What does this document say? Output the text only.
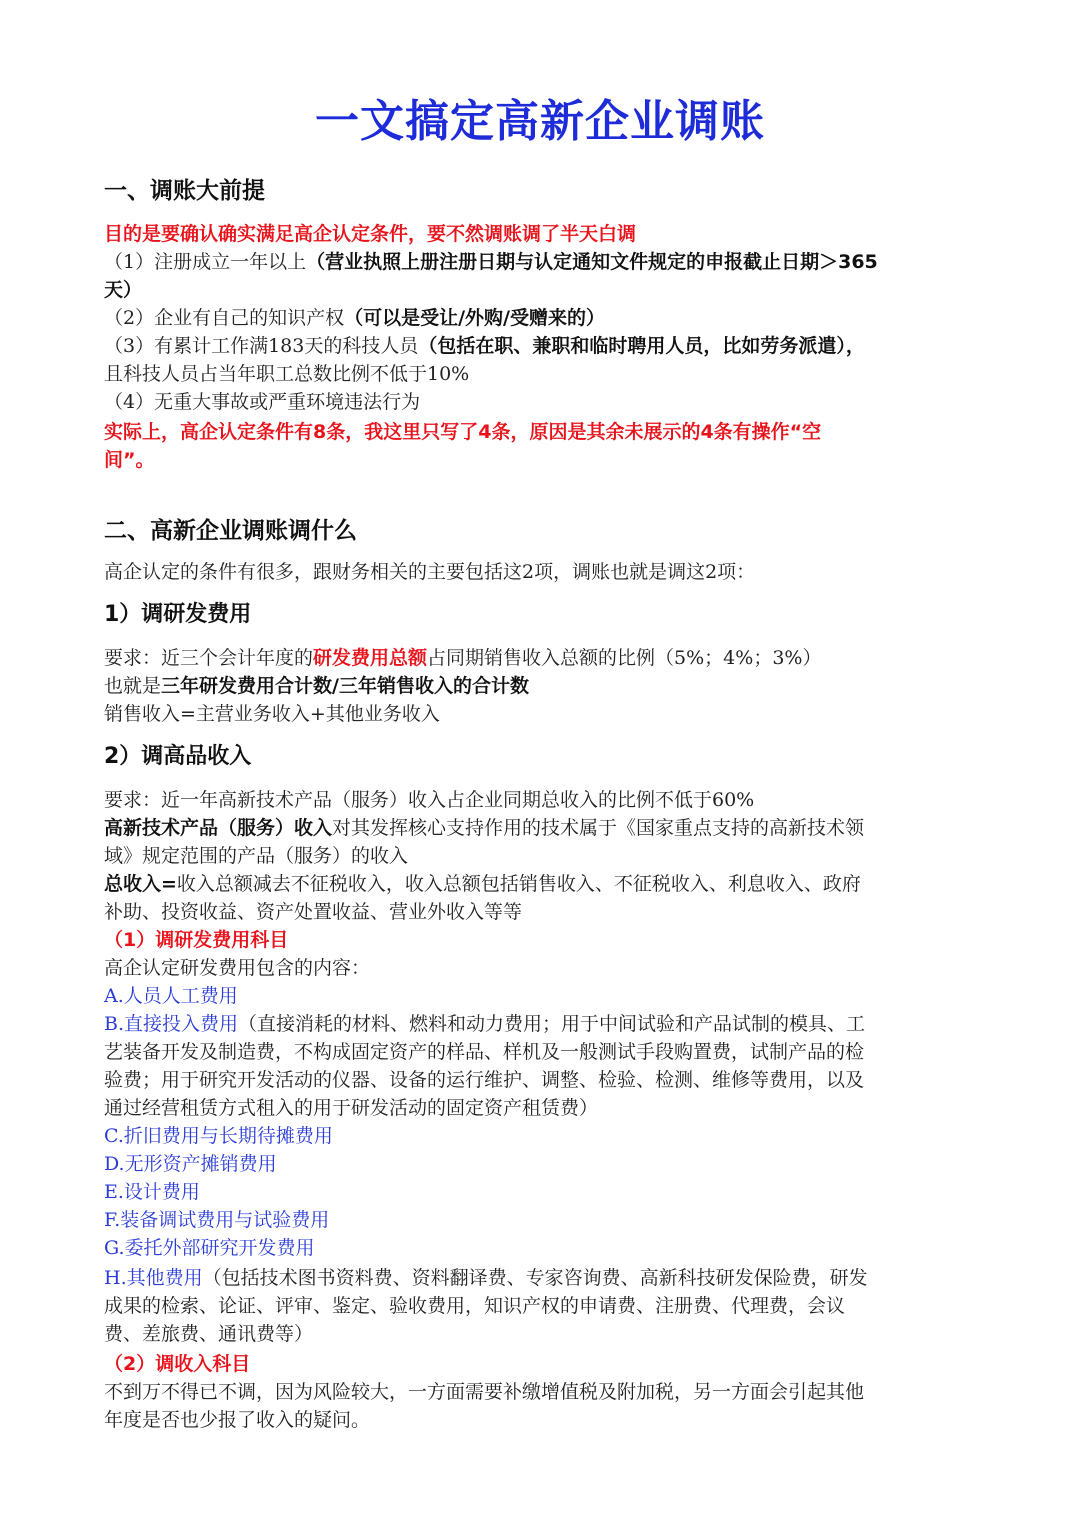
一文搞定高新企业调账
一、调账大前提
目的是要确认确实满足高企认定条件，要不然调账调了半天白调
（1）注册成立一年以上（营业执照上册注册日期与认定通知文件规定的申报截止日期＞365
天）
（2）企业有自己的知识产权（可以是受让/外购/受赠来的）
（3）有累计工作满183天的科技人员（包括在职、兼职和临时聘用人员，比如劳务派遣），
且科技人员占当年职工总数比例不低于10%
（4）无重大事故或严重环境违法行为
实际上，高企认定条件有8条，我这里只写了4条，原因是其余未展示的4条有操作“空
间”。
二、高新企业调账调什么
高企认定的条件有很多，跟财务相关的主要包括这2项，调账也就是调这2项：
1）调研发费用
要求：近三个会计年度的研发费用总额占同期销售收入总额的比例（5%；4%；3%）
也就是三年研发费用合计数/三年销售收入的合计数
销售收入=主营业务收入+其他业务收入
2）调高品收入
要求：近一年高新技术产品（服务）收入占企业同期总收入的比例不低于60%
高新技术产品（服务）收入对其发挥核心支持作用的技术属于《国家重点支持的高新技术领
域》规定范围的产品（服务）的收入
总收入=收入总额减去不征税收入，收入总额包括销售收入、不征税收入、利息收入、政府
补助、投资收益、资产处置收益、营业外收入等等
（1）调研发费用科目
高企认定研发费用包含的内容：
A.人员人工费用
B.直接投入费用（直接消耗的材料、燃料和动力费用；用于中间试验和产品试制的模具、工
艺装备开发及制造费，不构成固定资产的样品、样机及一般测试手段购置费，试制产品的检
验费；用于研究开发活动的仪器、设备的运行维护、调整、检验、检测、维修等费用，以及
通过经营租赁方式租入的用于研发活动的固定资产租赁费）
C.折旧费用与长期待摊费用
D.无形资产摊销费用
E.设计费用
F.装备调试费用与试验费用
G.委托外部研究开发费用
H.其他费用（包括技术图书资料费、资料翻译费、专家咨询费、高新科技研发保险费，研发
成果的检索、论证、评审、鉴定、验收费用，知识产权的申请费、注册费、代理费，会议
费、差旅费、通讯费等）
（2）调收入科目
不到万不得已不调，因为风险较大，一方面需要补缴增值税及附加税，另一方面会引起其他
年度是否也少报了收入的疑问。
